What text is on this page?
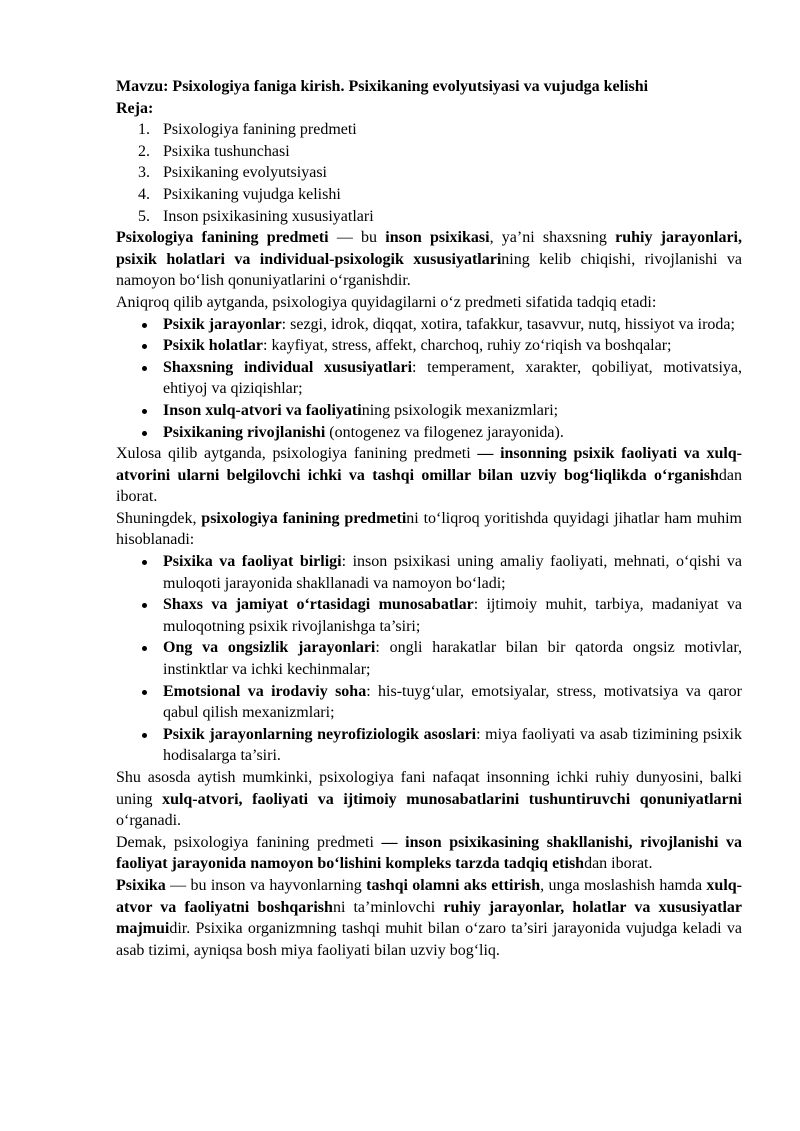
Mavzu: Psixologiya faniga kirish. Psixikaning evolyutsiyasi va vujudga kelishi

Reja:
1. Psixologiya fanining predmeti
2. Psixika tushunchasi
3. Psixikaning evolyutsiyasi
4. Psixikaning vujudga kelishi
5. Inson psixikasining xususiyatlari

Psixologiya fanining predmeti — bu inson psixikasi, ya’ni shaxsning ruhiy jarayonlari, psixik holatlari va individual-psixologik xususiyatlarining kelib chiqishi, rivojlanishi va namoyon bo‘lish qonuniyatlarini o‘rganishdir.

Aniqroq qilib aytganda, psixologiya quyidagilarni o‘z predmeti sifatida tadqiq etadi:

Psixik jarayonlar: sezgi, idrok, diqqat, xotira, tafakkur, tasavvur, nutq, hissiyot va iroda;
Psixik holatlar: kayfiyat, stress, affekt, charchoq, ruhiy zo‘riqish va boshqalar;
Shaxsning individual xususiyatlari: temperament, xarakter, qobiliyat, motivatsiya, ehtiyoj va qiziqishlar;
Inson xulq-atvori va faoliyatining psixologik mexanizmlari;
Psixikaning rivojlanishi (ontogenez va filogenez jarayonida).

Xulosa qilib aytganda, psixologiya fanining predmeti — insonning psixik faoliyati va xulq-atvorini ularni belgilovchi ichki va tashqi omillar bilan uzviy bog‘liqlikda o‘rganishdan iborat.

Shuningdek, psixologiya fanining predmetini to‘liqroq yoritishda quyidagi jihatlar ham muhim hisoblanadi:

Psixika va faoliyat birligi: inson psixikasi uning amaliy faoliyati, mehnati, o‘qishi va muloqoti jarayonida shakllanadi va namoyon bo‘ladi;
Shaxs va jamiyat o‘rtasidagi munosabatlar: ijtimoiy muhit, tarbiya, madaniyat va muloqotning psixik rivojlanishga ta’siri;
Ong va ongsizlik jarayonlari: ongli harakatlar bilan bir qatorda ongsiz motivlar, instinktlar va ichki kechinmalar;
Emotsional va irodaviy soha: his-tuyg‘ular, emotsiyalar, stress, motivatsiya va qaror qabul qilish mexanizmlari;
Psixik jarayonlarning neyrofiziologik asoslari: miya faoliyati va asab tizimining psixik hodisalarga ta’siri.

Shu asosda aytish mumkinki, psixologiya fani nafaqat insonning ichki ruhiy dunyosini, balki uning xulq-atvori, faoliyati va ijtimoiy munosabatlarini tushuntiruvchi qonuniyatlarni o‘rganadi.

Demak, psixologiya fanining predmeti — inson psixikasining shakllanishi, rivojlanishi va faoliyat jarayonida namoyon bo‘lishini kompleks tarzda tadqiq etishdan iborat.

Psixika — bu inson va hayvonlarning tashqi olamni aks ettirish, unga moslashish hamda xulq-atvor va faoliyatni boshqarishni ta’minlovchi ruhiy jarayonlar, holatlar va xususiyatlar majmuidir. Psixika organizmning tashqi muhit bilan o‘zaro ta’siri jarayonida vujudga keladi va asab tizimi, ayniqsa bosh miya faoliyati bilan uzviy bog‘liq.
